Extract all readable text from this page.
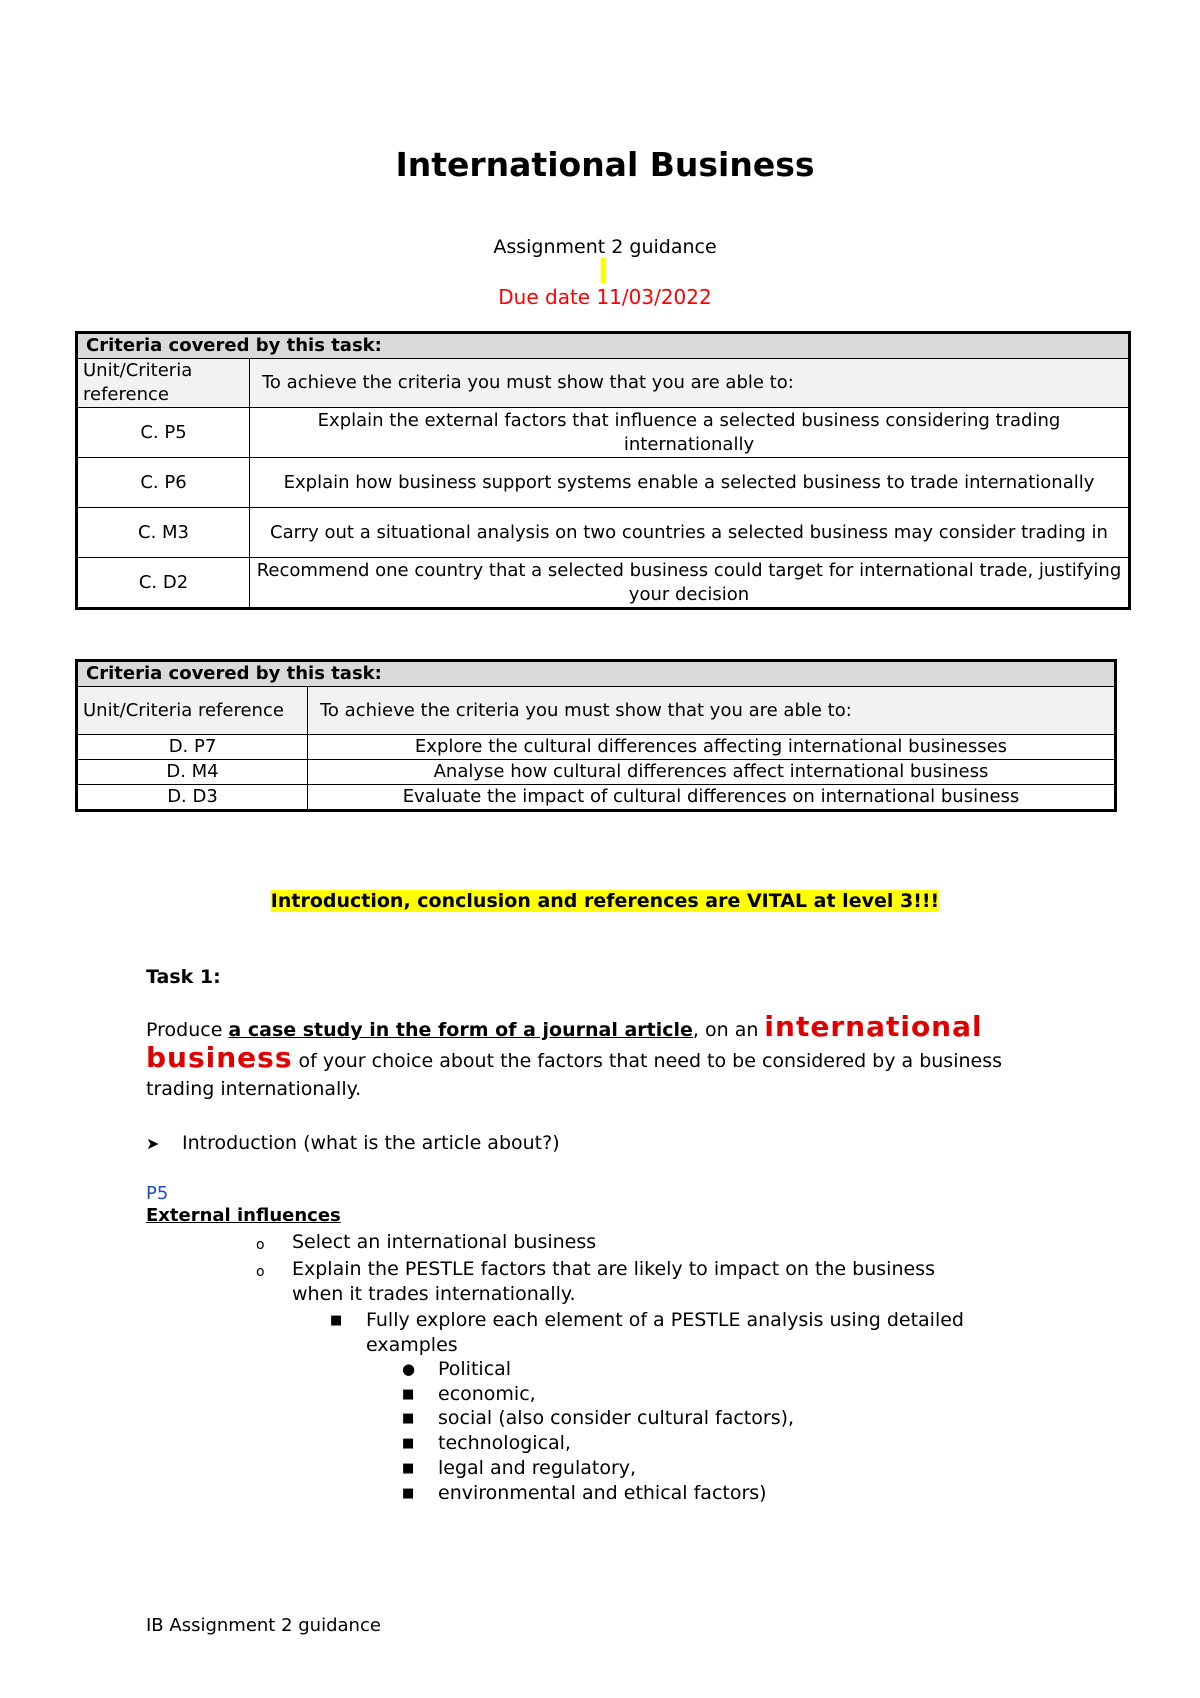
International Business
Assignment 2 guidance
Due date 11/03/2022
Criteria covered by this task:	
Unit/Criteria reference	To achieve the criteria you must show that you are able to:
C. P5	Explain the external factors that influence a selected business considering trading internationally
C. P6	Explain how business support systems enable a selected business to trade internationally
C. M3	Carry out a situational analysis on two countries a selected business may consider trading in
C. D2	Recommend one country that a selected business could target for international trade, justifying your decision
Criteria covered by this task:	
Unit/Criteria reference	To achieve the criteria you must show that you are able to:
D. P7	Explore the cultural differences affecting international businesses
D. M4	Analyse how cultural differences affect international business
D. D3	Evaluate the impact of cultural differences on international business
Introduction, conclusion and references are VITAL at level 3!!!
Task 1:
Produce a case study in the form of a journal article, on an international business of your choice about the factors that need to be considered by a business trading internationally.
➤ Introduction (what is the article about?)
P5
External influences
o Select an international business
o Explain the PESTLE factors that are likely to impact on the business when it trades internationally.
■ Fully explore each element of a PESTLE analysis using detailed examples
● Political
■ economic,
■ social (also consider cultural factors),
■ technological,
■ legal and regulatory,
■ environmental and ethical factors)
IB Assignment 2 guidance
